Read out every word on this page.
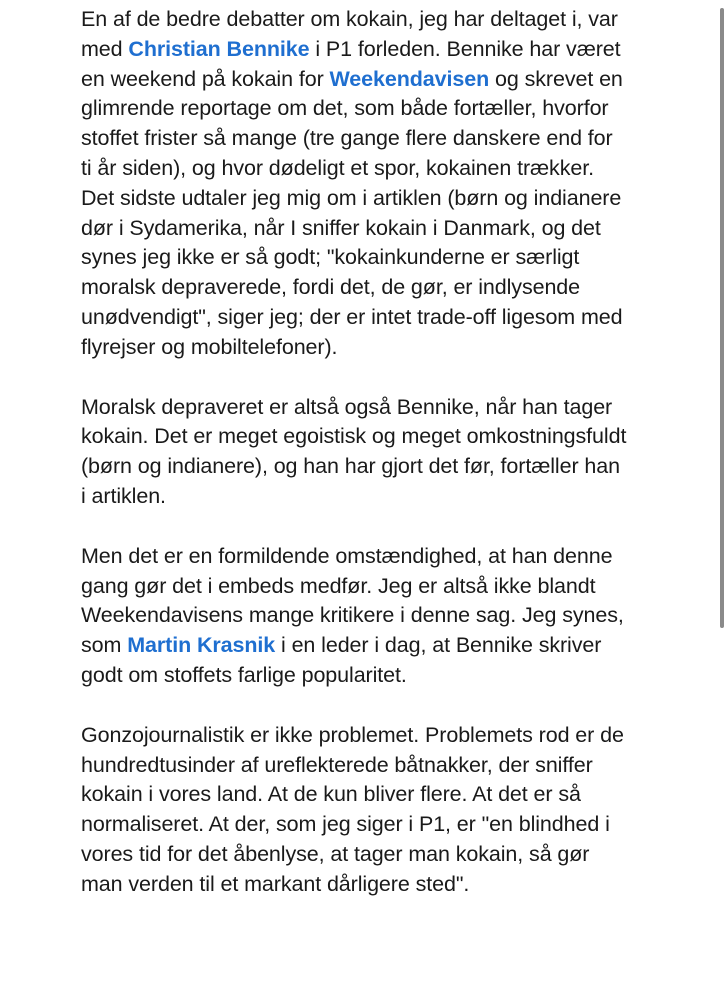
En af de bedre debatter om kokain, jeg har deltaget i, var med Christian Bennike i P1 forleden. Bennike har været en weekend på kokain for Weekendavisen og skrevet en glimrende reportage om det, som både fortæller, hvorfor stoffet frister så mange (tre gange flere danskere end for ti år siden), og hvor dødeligt et spor, kokainen trækker. Det sidste udtaler jeg mig om i artiklen (børn og indianere dør i Sydamerika, når I sniffer kokain i Danmark, og det synes jeg ikke er så godt; "kokainkunderne er særligt moralsk depraverede, fordi det, de gør, er indlysende unødvendigt", siger jeg; der er intet trade-off ligesom med flyrejser og mobiltelefoner).

Moralsk depraveret er altså også Bennike, når han tager kokain. Det er meget egoistisk og meget omkostningsfuldt (børn og indianere), og han har gjort det før, fortæller han i artiklen.

Men det er en formildende omstændighed, at han denne gang gør det i embeds medfør. Jeg er altså ikke blandt Weekendavisens mange kritikere i denne sag. Jeg synes, som Martin Krasnik i en leder i dag, at Bennike skriver godt om stoffets farlige popularitet.

Gonzojournalistik er ikke problemet. Problemets rod er de hundredtusinder af ureflekterede båtnakker, der sniffer kokain i vores land. At de kun bliver flere. At det er så normaliseret. At der, som jeg siger i P1, er "en blindhed i vores tid for det åbenlyse, at tager man kokain, så gør man verden til et markant dårligere sted".
